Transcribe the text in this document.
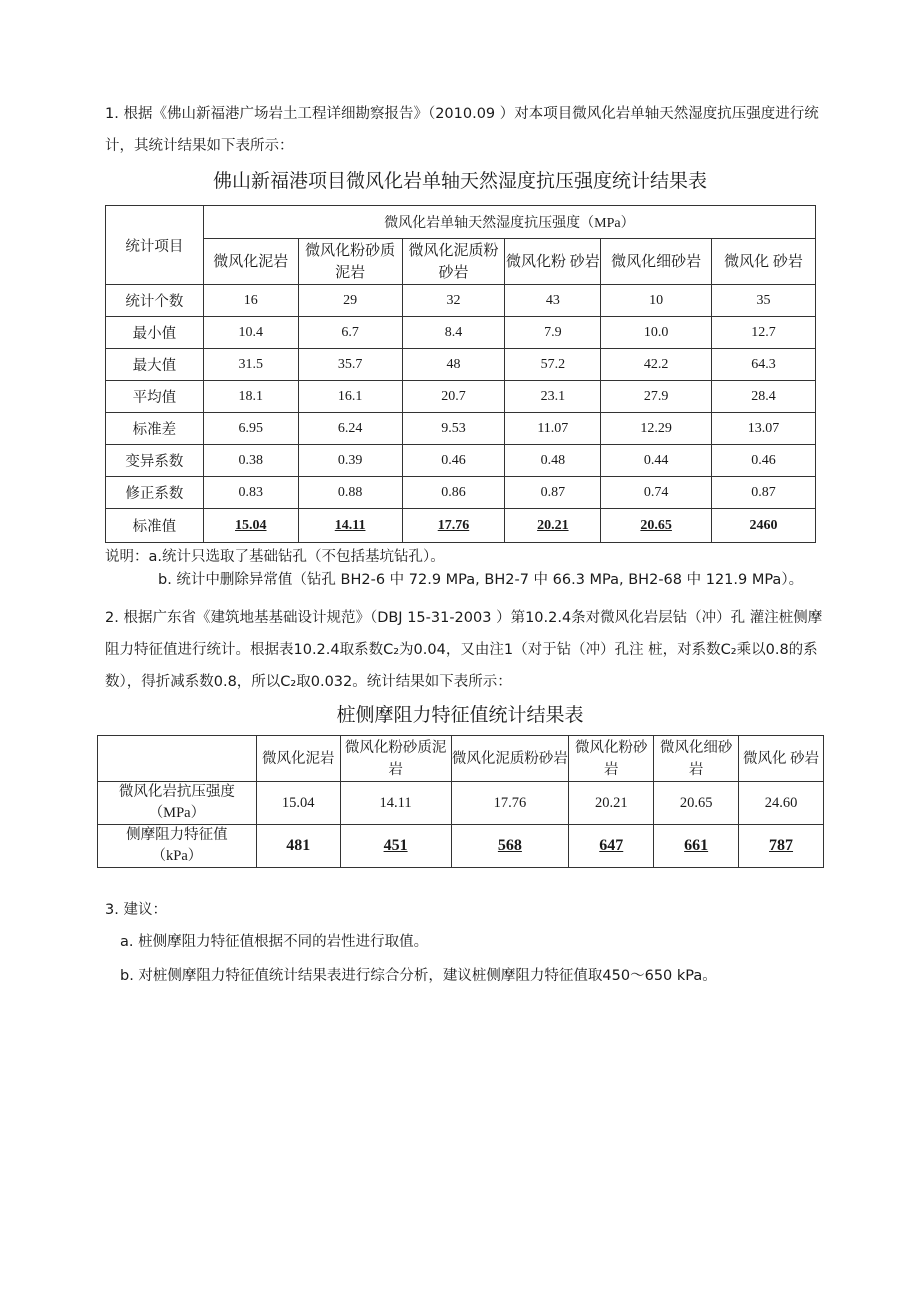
1. 根据《佛山新福港广场岩土工程详细勘察报告》（2010.09 ）对本项目微风化岩单轴天然湿度抗压强度进行统计，其统计结果如下表所示：
佛山新福港项目微风化岩单轴天然湿度抗压强度统计结果表
统计项目	微风化岩单轴天然湿度抗压强度（MPa）					
	微风化泥岩	微风化粉砂质泥岩	微风化泥质粉砂岩	微风化粉 砂岩	微风化细砂岩	微风化 砂岩
统计个数	16	29	32	43	10	35
最小值	10.4	6.7	8.4	7.9	10.0	12.7
最大值	31.5	35.7	48	57.2	42.2	64.3
平均值	18.1	16.1	20.7	23.1	27.9	28.4
标准差	6.95	6.24	9.53	11.07	12.29	13.07
变异系数	0.38	0.39	0.46	0.48	0.44	0.46
修正系数	0.83	0.88	0.86	0.87	0.74	0.87
标准值	15.04	14.11	17.76	20.21	20.65	2460
说明：a.统计只选取了基础钻孔（不包括基坑钻孔）。
b. 统计中删除异常值（钻孔 BH2-6 中 72.9 MPa, BH2-7 中 66.3 MPa, BH2-68 中 121.9 MPa）。
2. 根据广东省《建筑地基基础设计规范》（DBJ 15-31-2003 ）第10.2.4条对微风化岩层钻（冲）孔 灌注桩侧摩阻力特征值进行统计。根据表10.2.4取系数C₂为0.04，又由注1（对于钻（冲）孔注 桩，对系数C₂乘以0.8的系数），得折减系数0.8，所以C₂取0.032。统计结果如下表所示：
桩侧摩阻力特征值统计结果表
	微风化泥岩	微风化粉砂质泥岩	微风化泥质粉砂岩	微风化粉砂岩	微风化细砂岩	微风化 砂岩

微风化岩抗压强度
（MPa）	15.04	14.11	17.76	20.21	20.65	24.60

侧摩阻力特征值
（kPa）	481	451	568	647	661	787
3. 建议：
a. 桩侧摩阻力特征值根据不同的岩性进行取值。
b. 对桩侧摩阻力特征值统计结果表进行综合分析，建议桩侧摩阻力特征值取450〜650 kPa。
